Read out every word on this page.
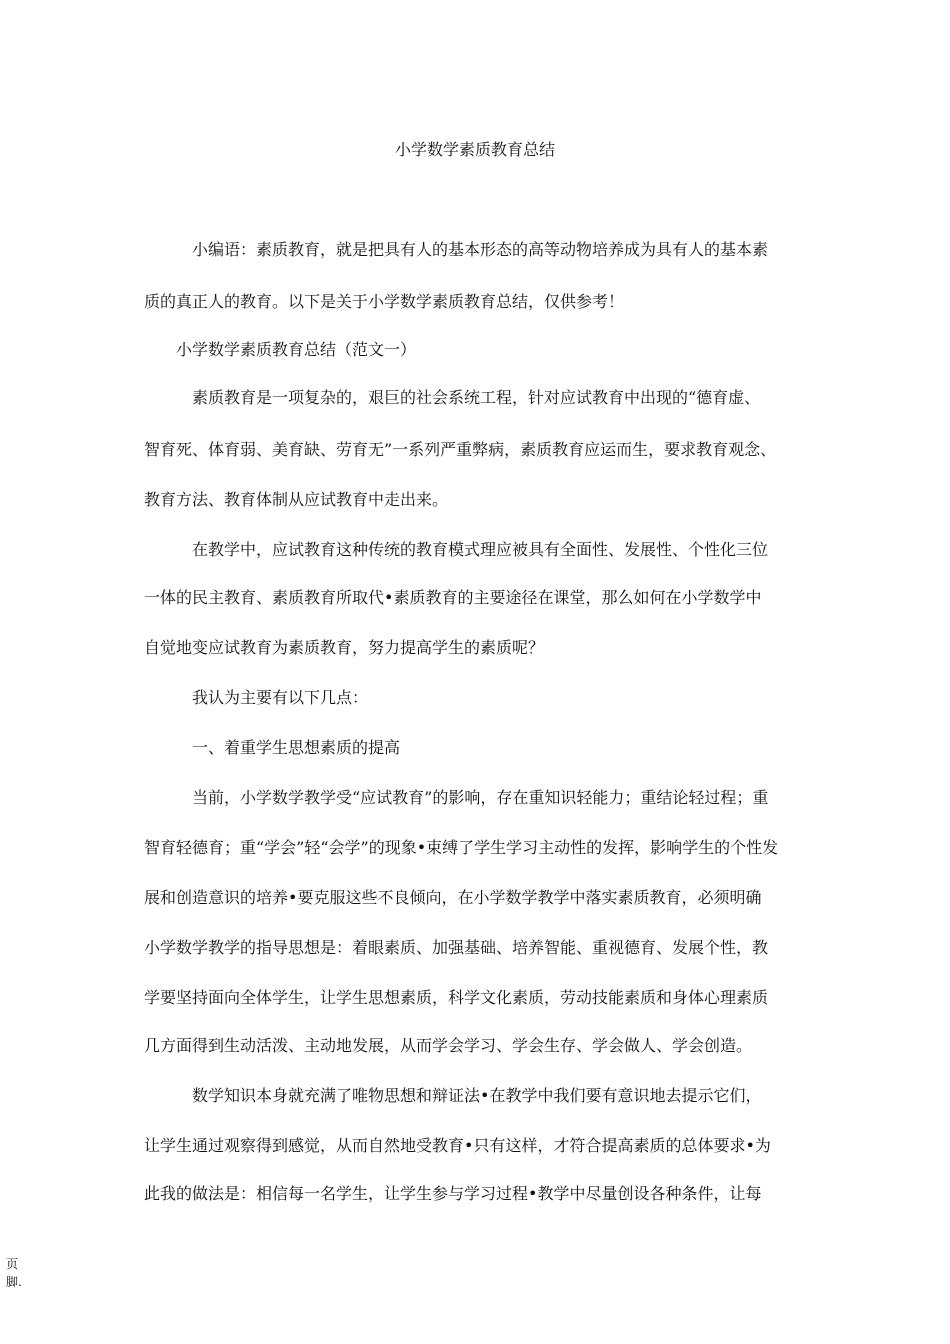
小学数学素质教育总结
小编语：素质教育，就是把具有人的基本形态的高等动物培养成为具有人的基本素
质的真正人的教育。以下是关于小学数学素质教育总结，仅供参考！
小学数学素质教育总结（范文一）
素质教育是一项复杂的，艰巨的社会系统工程，针对应试教育中出现的“德育虚、
智育死、体育弱、美育缺、劳育无”一系列严重弊病，素质教育应运而生，要求教育观念、
教育方法、教育体制从应试教育中走出来。
在教学中，应试教育这种传统的教育模式理应被具有全面性、发展性、个性化三位
一体的民主教育、素质教育所取代•素质教育的主要途径在课堂，那么如何在小学数学中
自觉地变应试教育为素质教育，努力提高学生的素质呢？
我认为主要有以下几点：
一、着重学生思想素质的提高
当前，小学数学教学受“应试教育”的影响，存在重知识轻能力；重结论轻过程；重
智育轻德育；重“学会”轻“会学”的现象•束缚了学生学习主动性的发挥，影响学生的个性发
展和创造意识的培养•要克服这些不良倾向，在小学数学教学中落实素质教育，必须明确
小学数学教学的指导思想是：着眼素质、加强基础、培养智能、重视德育、发展个性，教
学要坚持面向全体学生，让学生思想素质，科学文化素质，劳动技能素质和身体心理素质
几方面得到生动活泼、主动地发展，从而学会学习、学会生存、学会做人、学会创造。
数学知识本身就充满了唯物思想和辩证法•在教学中我们要有意识地去提示它们，
让学生通过观察得到感觉，从而自然地受教育•只有这样，才符合提高素质的总体要求•为
此我的做法是：相信每一名学生，让学生参与学习过程•教学中尽量创设各种条件，让每
页脚.
